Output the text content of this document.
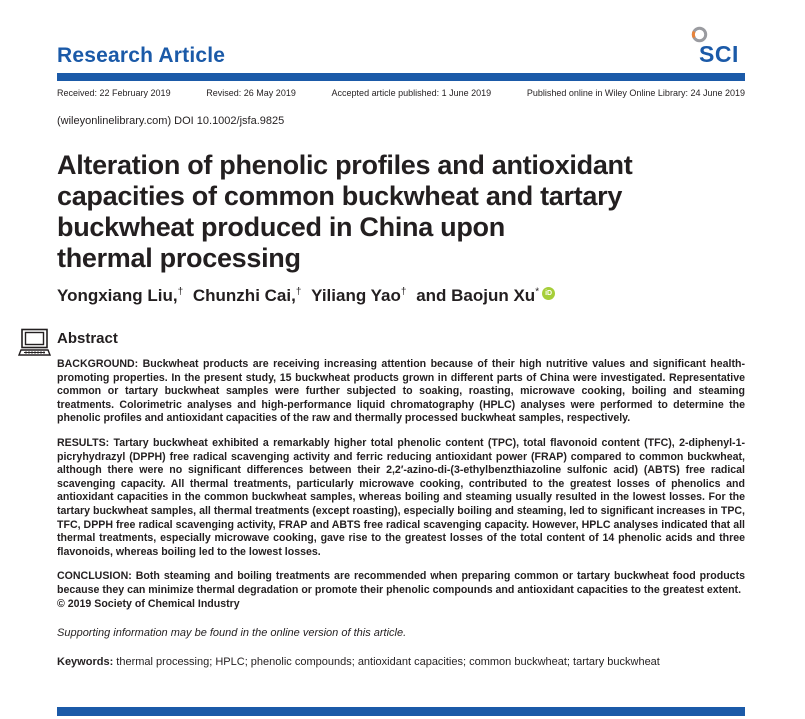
Research Article	SCI
Received: 22 February 2019	Revised: 26 May 2019	Accepted article published: 1 June 2019	Published online in Wiley Online Library: 24 June 2019
(wileyonlinelibrary.com) DOI 10.1002/jsfa.9825
Alteration of phenolic profiles and antioxidant
capacities of common buckwheat and tartary
buckwheat produced in China upon
thermal processing
Yongxiang Liu,† Chunzhi Cai,† Yiliang Yao† and Baojun Xu* iD
Abstract

BACKGROUND: Buckwheat products are receiving increasing attention because of their high nutritive values and significant health-promoting properties. In the present study, 15 buckwheat products grown in different parts of China were investigated. Representative common or tartary buckwheat samples were further subjected to soaking, roasting, microwave cooking, boiling and steaming treatments. Colorimetric analyses and high-performance liquid chromatography (HPLC) analyses were performed to determine the phenolic profiles and antioxidant capacities of the raw and thermally processed buckwheat samples, respectively.

RESULTS: Tartary buckwheat exhibited a remarkably higher total phenolic content (TPC), total flavonoid content (TFC), 2-diphenyl-1-picryhydrazyl (DPPH) free radical scavenging activity and ferric reducing antioxidant power (FRAP) compared to common buckwheat, although there were no significant differences between their 2,2′-azino-di-(3-ethylbenzthiazoline sulfonic acid) (ABTS) free radical scavenging capacity. All thermal treatments, particularly microwave cooking, contributed to the greatest losses of phenolics and antioxidant capacities in the common buckwheat samples, whereas boiling and steaming usually resulted in the lowest losses. For the tartary buckwheat samples, all thermal treatments (except roasting), especially boiling and steaming, led to significant increases in TPC, TFC, DPPH free radical scavenging activity, FRAP and ABTS free radical scavenging capacity. However, HPLC analyses indicated that all thermal treatments, especially microwave cooking, gave rise to the greatest losses of the total content of 14 phenolic acids and three flavonoids, whereas boiling led to the lowest losses.

CONCLUSION: Both steaming and boiling treatments are recommended when preparing common or tartary buckwheat food products because they can minimize thermal degradation or promote their phenolic compounds and antioxidant capacities to the greatest extent.

© 2019 Society of Chemical Industry
Supporting information may be found in the online version of this article.
Keywords: thermal processing; HPLC; phenolic compounds; antioxidant capacities; common buckwheat; tartary buckwheat
